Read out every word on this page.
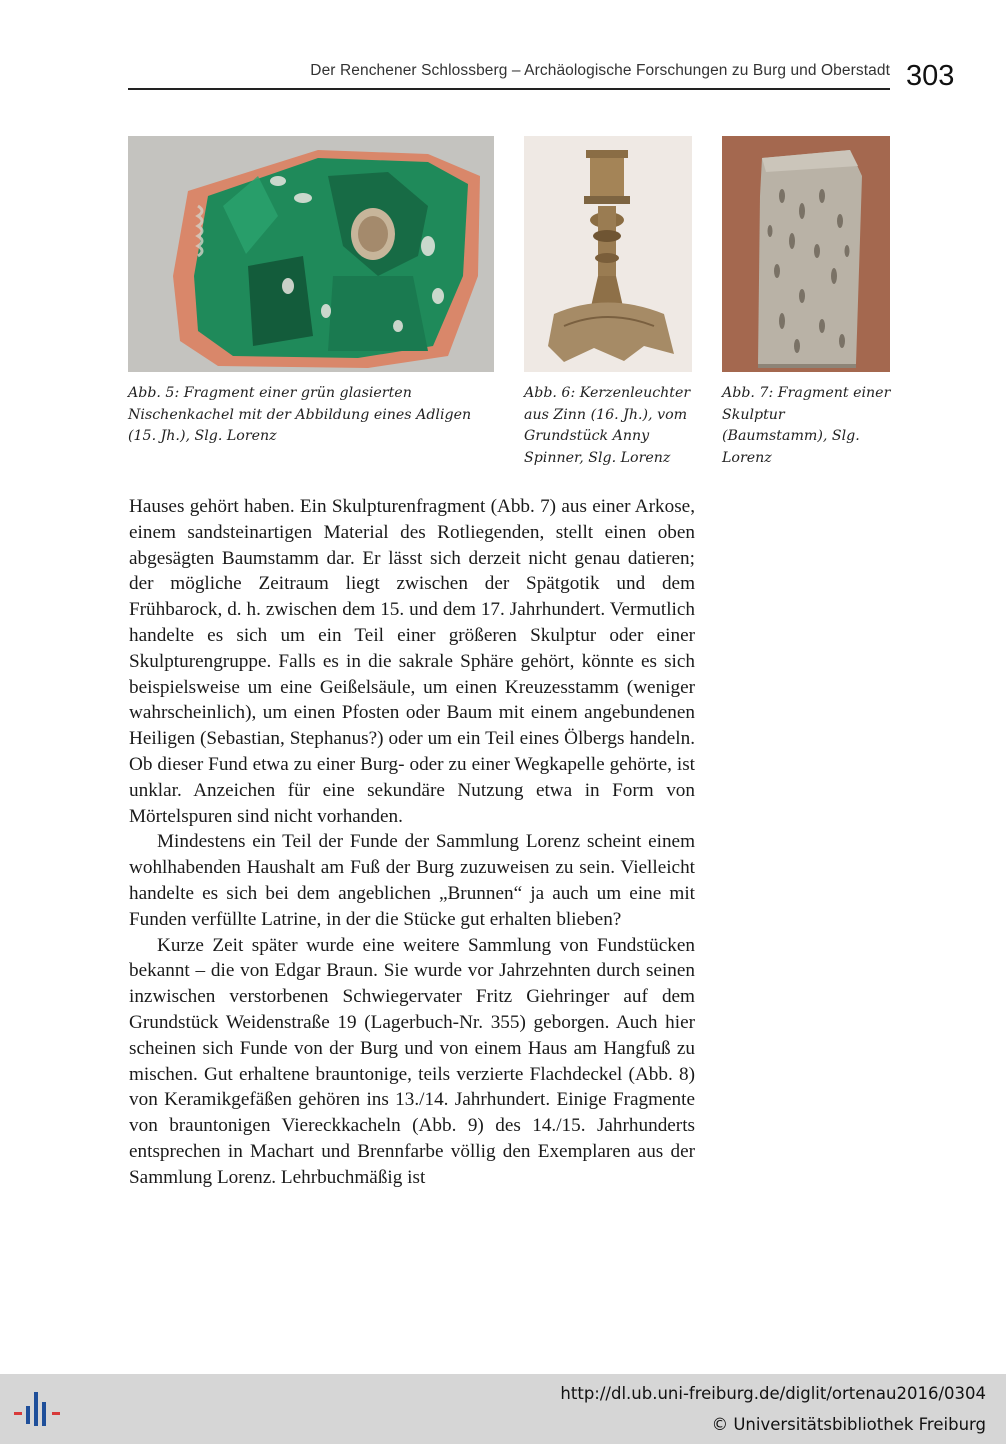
Der Renchener Schlossberg – Archäologische Forschungen zu Burg und Oberstadt 303
Abb. 5: Fragment einer grün glasierten Nischenkachel mit der Abbildung eines Adligen (15. Jh.), Slg. Lorenz
Abb. 6: Kerzenleuchter aus Zinn (16. Jh.), vom Grundstück Anny Spinner, Slg. Lorenz
Abb. 7: Fragment einer Skulptur (Baumstamm), Slg. Lorenz

Hauses gehört haben. Ein Skulpturenfragment (Abb. 7) aus einer Arkose, einem sandsteinartigen Material des Rotliegenden, stellt einen oben abgesägten Baumstamm dar. Er lässt sich derzeit nicht genau datieren; der mögliche Zeitraum liegt zwischen der Spätgotik und dem Frühbarock, d. h. zwischen dem 15. und dem 17. Jahrhundert. Vermutlich handelte es sich um ein Teil einer größeren Skulptur oder einer Skulpturengruppe. Falls es in die sakrale Sphäre gehört, könnte es sich beispielsweise um eine Geißelsäule, um einen Kreuzesstamm (weniger wahrscheinlich), um einen Pfosten oder Baum mit einem angebundenen Heiligen (Sebastian, Stephanus?) oder um ein Teil eines Ölbergs handeln. Ob dieser Fund etwa zu einer Burg- oder zu einer Wegkapelle gehörte, ist unklar. Anzeichen für eine sekundäre Nutzung etwa in Form von Mörtelspuren sind nicht vorhanden.

Mindestens ein Teil der Funde der Sammlung Lorenz scheint einem wohlhabenden Haushalt am Fuß der Burg zuzuweisen zu sein. Vielleicht handelte es sich bei dem angeblichen „Brunnen“ ja auch um eine mit Funden verfüllte Latrine, in der die Stücke gut erhalten blieben?

Kurze Zeit später wurde eine weitere Sammlung von Fundstücken bekannt – die von Edgar Braun. Sie wurde vor Jahrzehnten durch seinen inzwischen verstorbenen Schwiegervater Fritz Giehringer auf dem Grundstück Weidenstraße 19 (Lagerbuch-Nr. 355) geborgen. Auch hier scheinen sich Funde von der Burg und von einem Haus am Hangfuß zu mischen. Gut erhaltene brauntonige, teils verzierte Flachdeckel (Abb. 8) von Keramikgefäßen gehören ins 13./14. Jahrhundert. Einige Fragmente von brauntonigen Viereckkacheln (Abb. 9) des 14./15. Jahrhunderts entsprechen in Machart und Brennfarbe völlig den Exemplaren aus der Sammlung Lorenz. Lehrbuchmäßig ist

http://dl.ub.uni-freiburg.de/diglit/ortenau2016/0304
© Universitätsbibliothek Freiburg
